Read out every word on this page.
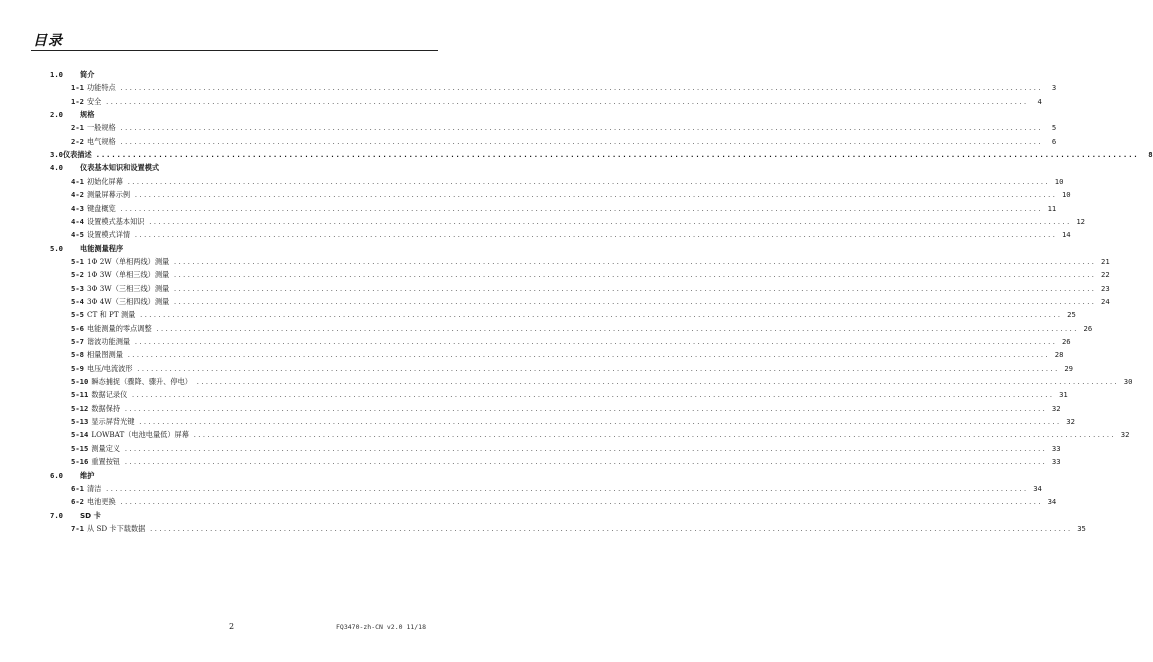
目录
1.0	简介
1-1 功能特点 ........................................................................................................................................................................................................	3
1-2 安全 ........................................................................................................................................................................................................	4
2.0	规格
2-1 一般规格 ........................................................................................................................................................................................................	5
2-2 电气规格 ........................................................................................................................................................................................................	6
3.0 仪表描述 ........................................................................................................................................................................................................	8
4.0	仪表基本知识和设置模式
4-1 初始化屏幕 ........................................................................................................................................................................................................ 10
4-2 测量屏幕示例 ........................................................................................................................................................................................................ 10
4-3 键盘概览 ........................................................................................................................................................................................................ 11
4-4 设置模式基本知识 ........................................................................................................................................................................................................ 12
4-5 设置模式详情 ........................................................................................................................................................................................................ 14
5.0	电能测量程序
5-1 1Φ 2W（单相两线）测量 ........................................................................................................................................................................................................ 21
5-2 1Φ 3W（单相三线）测量 ........................................................................................................................................................................................................ 22
5-3 3Φ 3W（三相三线）测量 ........................................................................................................................................................................................................ 23
5-4 3Φ 4W（三相四线）测量 ........................................................................................................................................................................................................ 24
5-5 CT 和 PT 测量 ........................................................................................................................................................................................................ 25
5-6 电能测量的零点调整 ........................................................................................................................................................................................................ 26
5-7 谐波功能测量 ........................................................................................................................................................................................................ 26
5-8 相量图测量 ........................................................................................................................................................................................................ 28
5-9 电压/电流波形 ........................................................................................................................................................................................................ 29
5-10 瞬态捕捉（骤降、骤升、停电） ........................................................................................................................................................................................................ 30
5-11 数据记录仪 ........................................................................................................................................................................................................ 31
5-12 数据保持 ........................................................................................................................................................................................................ 32
5-13 显示屏背光键 ........................................................................................................................................................................................................ 32
5-14 LOWBAT（电池电量低）屏幕 ........................................................................................................................................................................................................ 32
5-15 测量定义 ........................................................................................................................................................................................................ 33
5-16 重置按钮 ........................................................................................................................................................................................................ 33
6.0	维护
6-1 清洁 ........................................................................................................................................................................................................ 34
6-2 电池更换 ........................................................................................................................................................................................................ 34
7.0	SD 卡
7-1 从 SD 卡下载数据 ........................................................................................................................................................................................................ 35
2	FQ3470-zh-CN v2.0 11/18
